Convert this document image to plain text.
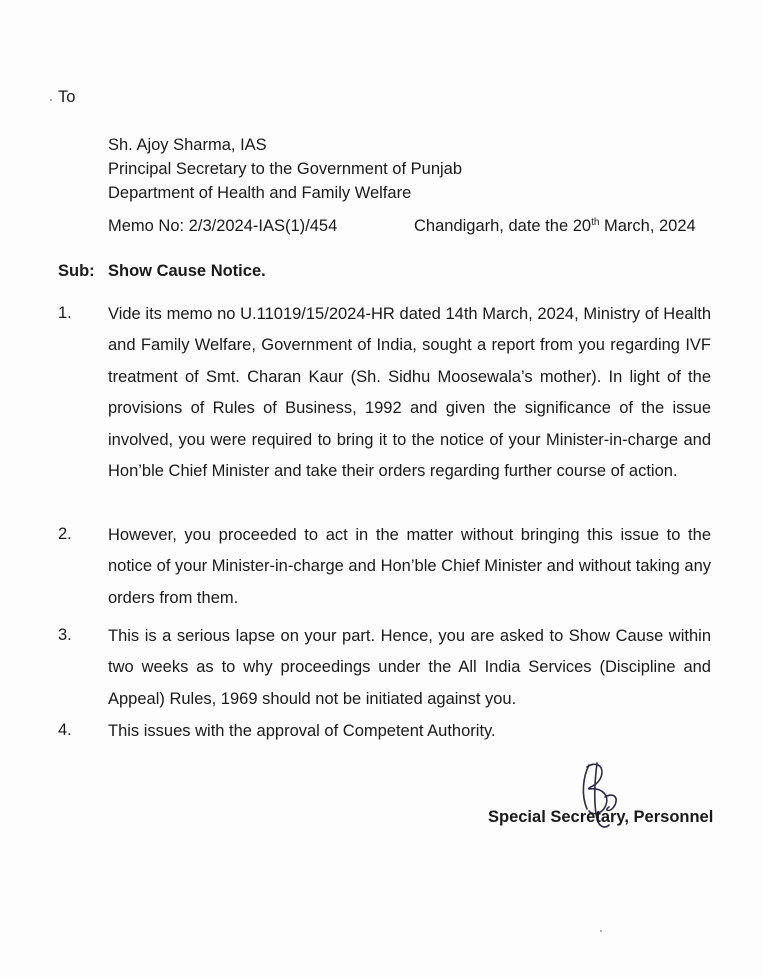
To
Sh. Ajoy Sharma, IAS
Principal Secretary to the Government of Punjab
Department of Health and Family Welfare
Memo No: 2/3/2024-IAS(1)/454	Chandigarh, date the 20th March, 2024
Sub: Show Cause Notice.
1. Vide its memo no U.11019/15/2024-HR dated 14th March, 2024, Ministry of Health and Family Welfare, Government of India, sought a report from you regarding IVF treatment of Smt. Charan Kaur (Sh. Sidhu Moosewala’s mother). In light of the provisions of Rules of Business, 1992 and given the significance of the issue involved, you were required to bring it to the notice of your Minister-in-charge and Hon’ble Chief Minister and take their orders regarding further course of action.
2. However, you proceeded to act in the matter without bringing this issue to the notice of your Minister-in-charge and Hon’ble Chief Minister and without taking any orders from them.
3. This is a serious lapse on your part. Hence, you are asked to Show Cause within two weeks as to why proceedings under the All India Services (Discipline and Appeal) Rules, 1969 should not be initiated against you.
4. This issues with the approval of Competent Authority.
Special Secretary, Personnel
